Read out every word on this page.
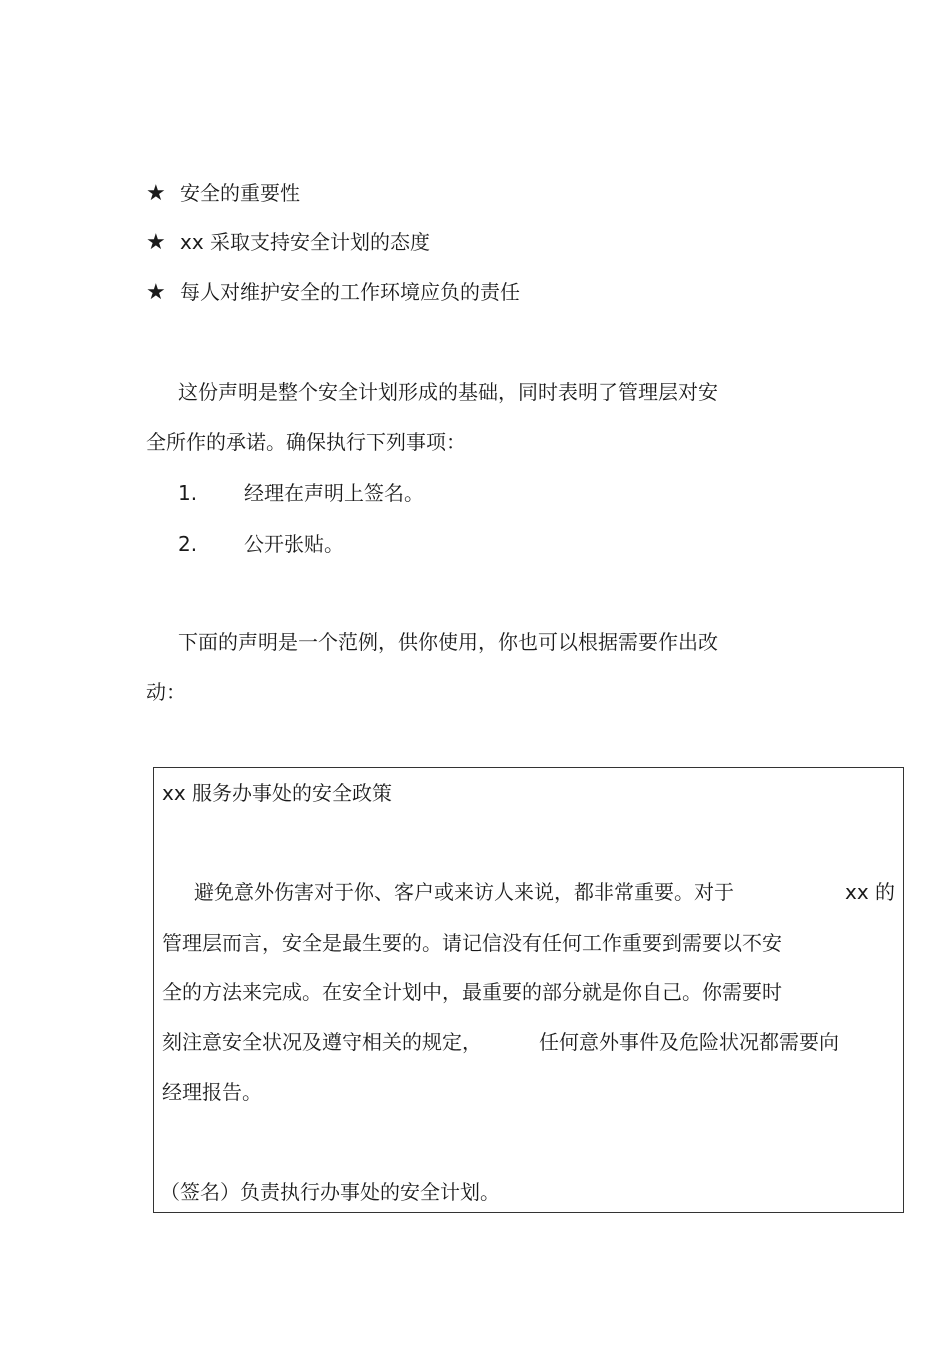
★ 安全的重要性
★ xx 采取支持安全计划的态度
★ 每人对维护安全的工作环境应负的责任
这份声明是整个安全计划形成的基础，同时表明了管理层对安
全所作的承诺。确保执行下列事项：
1. 经理在声明上签名。
2. 公开张贴。
下面的声明是一个范例，供你使用，你也可以根据需要作出改
动：
xx 服务办事处的安全政策
避免意外伤害对于你、客户或来访人来说，都非常重要。对于	xx 的
管理层而言，安全是最生要的。请记信没有任何工作重要到需要以不安
全的方法来完成。在安全计划中，最重要的部分就是你自己。你需要时
刻注意安全状况及遵守相关的规定，	任何意外事件及危险状况都需要向
经理报告。
（签名）负责执行办事处的安全计划。
